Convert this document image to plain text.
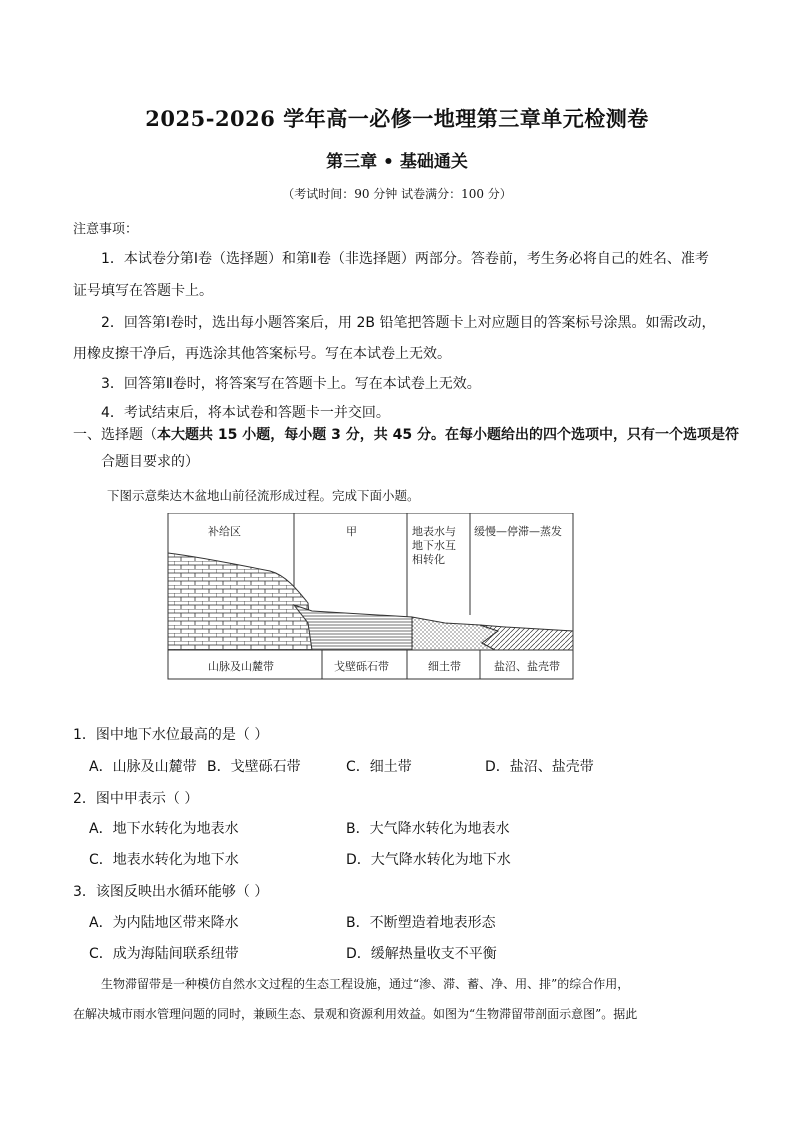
2025-2026 学年高一必修一地理第三章单元检测卷
第三章 • 基础通关
（考试时间：90 分钟 试卷满分：100 分）
注意事项：
1．本试卷分第Ⅰ卷（选择题）和第Ⅱ卷（非选择题）两部分。答卷前，考生务必将自己的姓名、准考
证号填写在答题卡上。
2．回答第Ⅰ卷时，选出每小题答案后，用 2B 铅笔把答题卡上对应题目的答案标号涂黑。如需改动，
用橡皮擦干净后，再选涂其他答案标号。写在本试卷上无效。
3．回答第Ⅱ卷时，将答案写在答题卡上。写在本试卷上无效。
4．考试结束后，将本试卷和答题卡一并交回。
一、选择题（本大题共 15 小题，每小题 3 分，共 45 分。在每小题给出的四个选项中，只有一个选项是符
合题目要求的）
下图示意柴达木盆地山前径流形成过程。完成下面小题。
补给区	甲	地表水与
地下水互
相转化
缓慢—停滞—蒸发
山脉及山麓带	戈壁砾石带	细土带	盐沼、盐壳带
1．图中地下水位最高的是（ ）
A．山脉及山麓带 B．戈壁砾石带	C．细土带	D．盐沼、盐壳带
2．图中甲表示（ ）
A．地下水转化为地表水	B．大气降水转化为地表水
C．地表水转化为地下水	D．大气降水转化为地下水
3．该图反映出水循环能够（ ）
A．为内陆地区带来降水	B．不断塑造着地表形态
C．成为海陆间联系纽带	D．缓解热量收支不平衡
生物滞留带是一种模仿自然水文过程的生态工程设施，通过“渗、滞、蓄、净、用、排”的综合作用，
在解决城市雨水管理问题的同时，兼顾生态、景观和资源利用效益。如图为“生物滞留带剖面示意图”。据此
